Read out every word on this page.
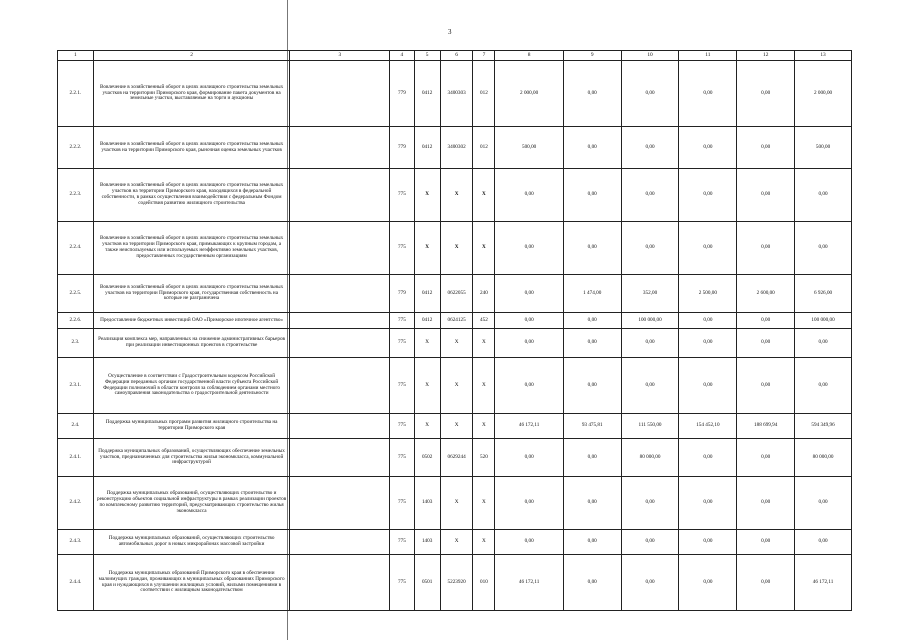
3
1	2	3	4	5	6	7	8	9	10	11	12	13
2.2.1.	Вовлечение в хозяйственный оборот в целях жилищного строительства земельных участков на территории Приморского края, формирование пакета документов на земельные участки, выставляемые на торги и аукционы		779	0412	3400303	012	2 000,00	0,00	0,00	0,00	0,00	2 000,00
2.2.2.	Вовлечение в хозяйственный оборот в целях жилищного строительства земельных участков на территории Приморского края, рыночная оценка земельных участков		779	0412	3400302	012	500,00	0,00	0,00	0,00	0,00	500,00
2.2.3.	Вовлечение в хозяйственный оборот в целях жилищного строительства земельных участков на территории Приморского края, находящихся в федеральной собственности, в рамках осуществления взаимодействия с федеральным Фондом содействия развитию жилищного строительства		775	X	X	X	0,00	0,00	0,00	0,00	0,00	0,00
2.2.4.	Вовлечение в хозяйственный оборот в целях жилищного строительства земельных участков на территории Приморского края, примыкающих к крупным городам, а также неиспользуемых или используемых неэффективно земельных участков, предоставленных государственным организациям		775	X	X	X	0,00	0,00	0,00	0,00	0,00	0,00
2.2.5.	Вовлечение в хозяйственный оборот в целях жилищного строительства земельных участков на территории Приморского края, государственная собственность на которые не разграничена		779	0412	0622055	240	0,00	1 474,00	352,00	2 500,00	2 600,00	6 926,00
2.2.6.	Предоставление бюджетных инвестиций ОАО «Приморское ипотечное агентство»		775	0412	0624125	452	0,00	0,00	100 000,00	0,00	0,00	100 000,00
2.3.	Реализация комплекса мер, направленных на снижение административных барьеров при реализации инвестиционных проектов в строительстве		775	X	X	X	0,00	0,00	0,00	0,00	0,00	0,00
2.3.1.	Осуществление в соответствии с Градостроительным кодексом Российской Федерации переданных органам государственной власти субъекта Российской Федерации полномочий в области контроля за соблюдением органами местного самоуправления законодательства о градостроительной деятельности		775	X	X	X	0,00	0,00	0,00	0,00	0,00	0,00
2.4.	Поддержка муниципальных программ развития жилищного строительства на территории Приморского края		775	X	X	X	46 172,11	93 475,81	111 550,00	154 452,10	188 699,94	594 349,96
2.4.1.	Поддержка муниципальных образований, осуществляющих обеспечение земельных участков, предназначенных для строительства жилья экономкласса, коммунальной инфраструктурой		775	0502	0629244	520	0,00	0,00	80 000,00	0,00	0,00	80 000,00
2.4.2.	Поддержка муниципальных образований, осуществляющих строительство и реконструкцию объектов социальной инфраструктуры в рамках реализации проектов по комплексному развитию территорий, предусматривающих строительство жилья экономкласса		775	1403	X	X	0,00	0,00	0,00	0,00	0,00	0,00
2.4.3.	Поддержка муниципальных образований, осуществляющих строительство автомобильных дорог в новых микрорайонах массовой застройки		775	1403	X	X	0,00	0,00	0,00	0,00	0,00	0,00
2.4.4.	Поддержка муниципальных образований Приморского края в обеспечении малоимущих граждан, проживающих в муниципальных образованиях Приморского края и нуждающихся в улучшении жилищных условий, жилыми помещениями в соответствии с жилищным законодательством		775	0501	5223920	010	46 172,11	0,00	0,00	0,00	0,00	46 172,11
